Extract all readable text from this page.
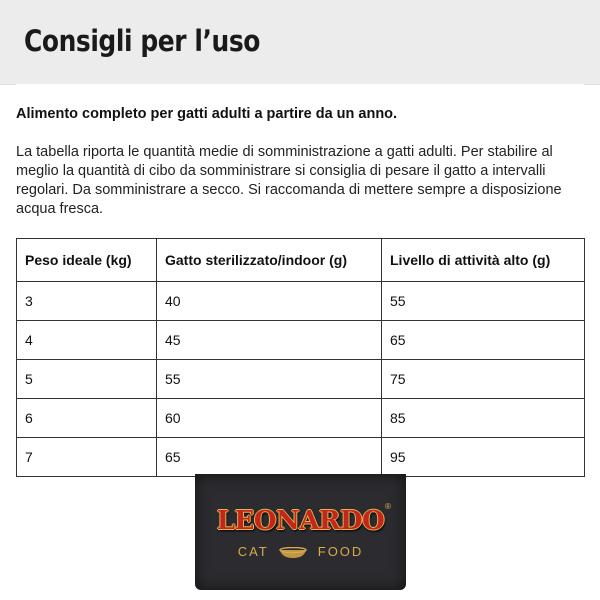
Consigli per l’uso

Alimento completo per gatti adulti a partire da un anno.

La tabella riporta le quantità medie di somministrazione a gatti adulti. Per stabilire al meglio la quantità di cibo da somministrare si consiglia di pesare il gatto a intervalli regolari. Da somministrare a secco. Si raccomanda di mettere sempre a disposizione acqua fresca.

Peso ideale (kg)	Gatto sterilizzato/indoor (g)	Livello di attività alto (g)
3	40	55
4	45	65
5	55	75
6	60	85
7	65	95
LEONARDO ®
CAT	FOOD
